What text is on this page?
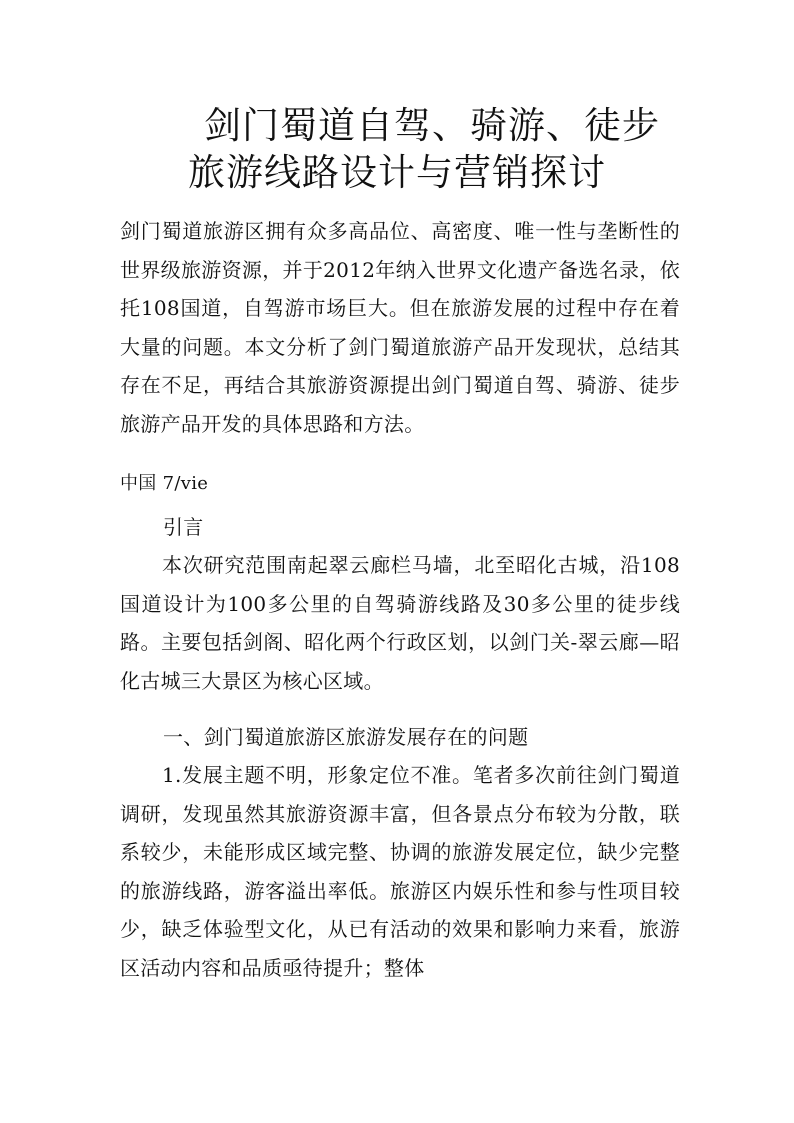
剑门蜀道自驾、骑游、徒步
旅游线路设计与营销探讨
剑门蜀道旅游区拥有众多高品位、高密度、唯一性与垄断性的世界级旅游资源，并于2012年纳入世界文化遗产备选名录，依托108国道，自驾游市场巨大。但在旅游发展的过程中存在着大量的问题。本文分析了剑门蜀道旅游产品开发现状，总结其存在不足，再结合其旅游资源提出剑门蜀道自驾、骑游、徒步旅游产品开发的具体思路和方法。
中国 7/vie
引言
本次研究范围南起翠云廊栏马墙，北至昭化古城，沿108国道设计为100多公里的自驾骑游线路及30多公里的徒步线路。主要包括剑阁、昭化两个行政区划，以剑门关-翠云廊—昭化古城三大景区为核心区域。
一、剑门蜀道旅游区旅游发展存在的问题
1.发展主题不明，形象定位不准。笔者多次前往剑门蜀道调研，发现虽然其旅游资源丰富，但各景点分布较为分散，联系较少，未能形成区域完整、协调的旅游发展定位，缺少完整的旅游线路，游客溢出率低。旅游区内娱乐性和参与性项目较少，缺乏体验型文化，从已有活动的效果和影响力来看，旅游区活动内容和品质亟待提升；整体
